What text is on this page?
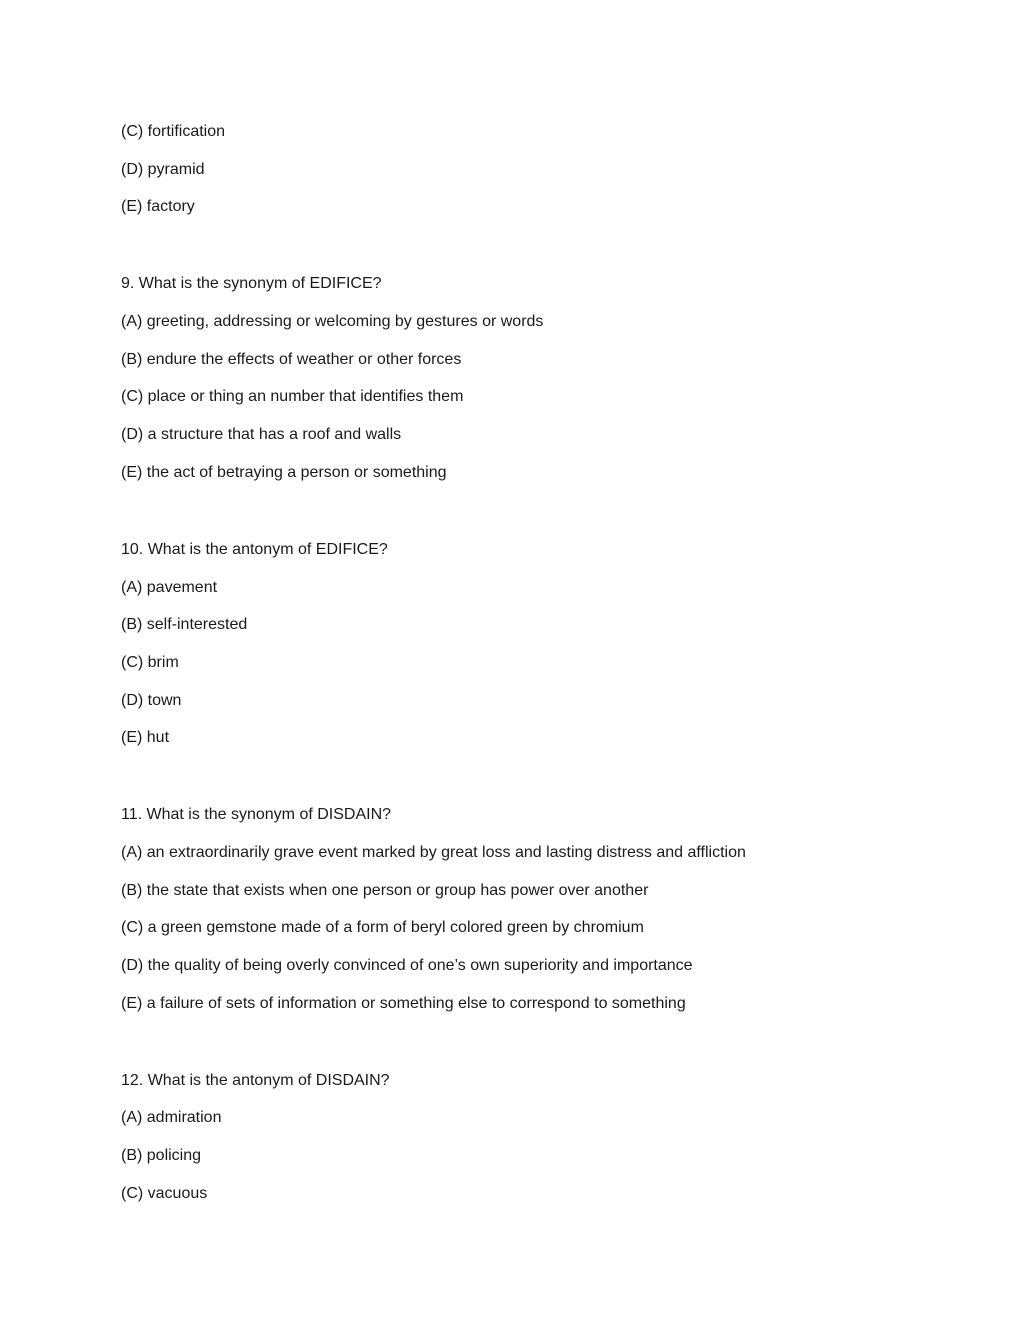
(C) fortification
(D) pyramid
(E) factory
9. What is the synonym of EDIFICE?
(A) greeting, addressing or welcoming by gestures or words
(B) endure the effects of weather or other forces
(C) place or thing an number that identifies them
(D) a structure that has a roof and walls
(E) the act of betraying a person or something
10. What is the antonym of EDIFICE?
(A) pavement
(B) self-interested
(C) brim
(D) town
(E) hut
11. What is the synonym of DISDAIN?
(A) an extraordinarily grave event marked by great loss and lasting distress and affliction
(B) the state that exists when one person or group has power over another
(C) a green gemstone made of a form of beryl colored green by chromium
(D) the quality of being overly convinced of one’s own superiority and importance
(E) a failure of sets of information or something else to correspond to something
12. What is the antonym of DISDAIN?
(A) admiration
(B) policing
(C) vacuous
